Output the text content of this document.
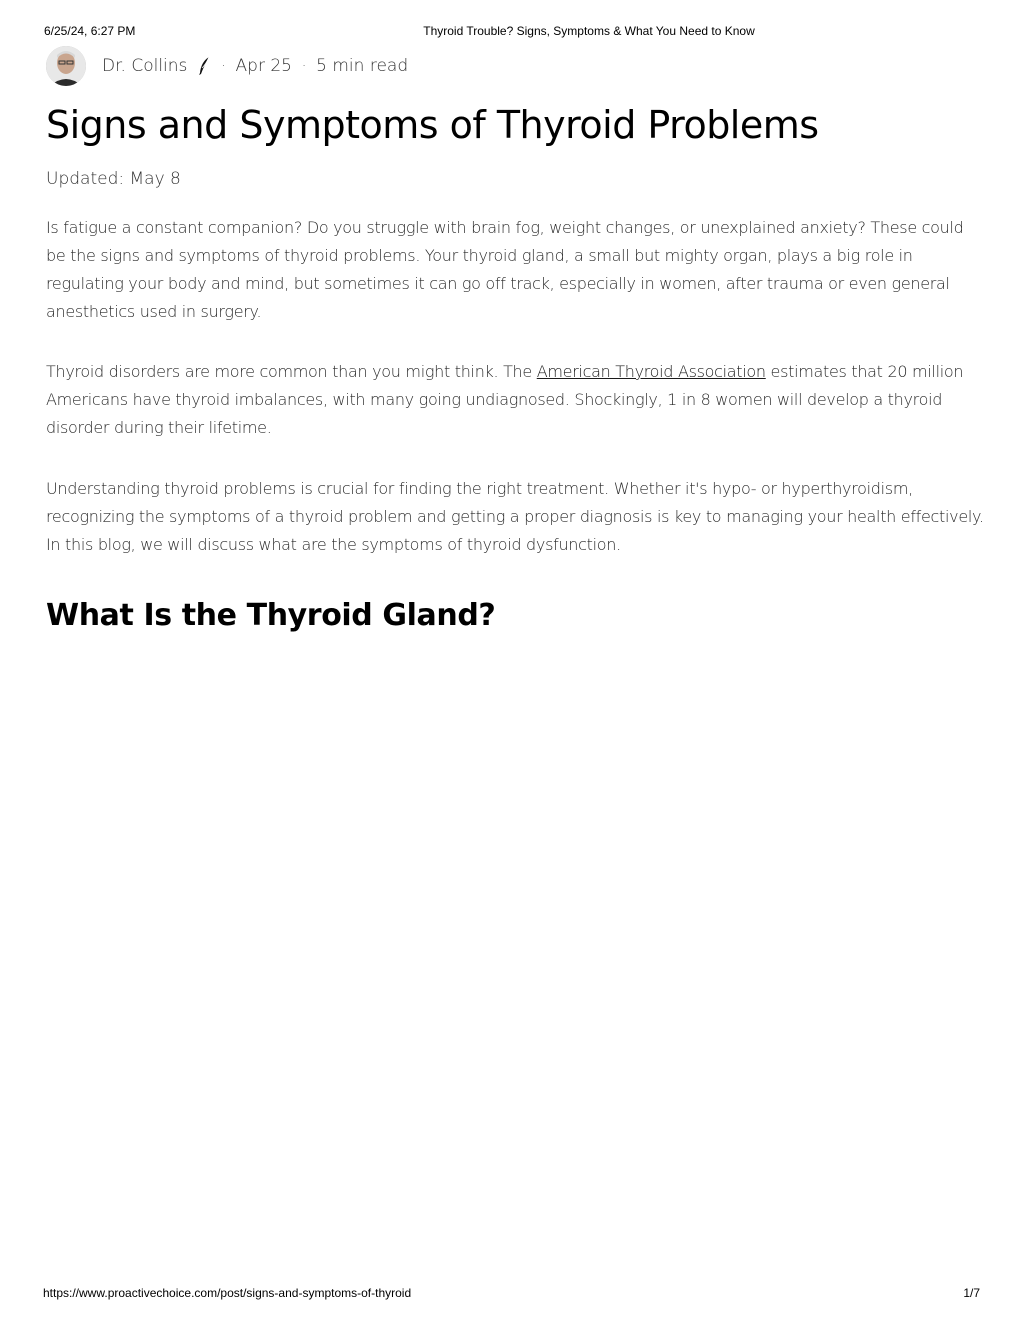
6/25/24, 6:27 PM	Thyroid Trouble? Signs, Symptoms & What You Need to Know
Dr. Collins	· Apr 25 · 5 min read
Signs and Symptoms of Thyroid Problems
Updated: May 8

Is fatigue a constant companion? Do you struggle with brain fog, weight changes, or unexplained anxiety? These could be the signs and symptoms of thyroid problems. Your thyroid gland, a small but mighty organ, plays a big role in regulating your body and mind, but sometimes it can go off track, especially in women, after trauma or even general anesthetics used in surgery.

Thyroid disorders are more common than you might think. The American Thyroid Association estimates that 20 million Americans have thyroid imbalances, with many going undiagnosed. Shockingly, 1 in 8 women will develop a thyroid disorder during their lifetime.

Understanding thyroid problems is crucial for finding the right treatment. Whether it's hypo- or hyperthyroidism, recognizing the symptoms of a thyroid problem and getting a proper diagnosis is key to managing your health effectively. In this blog, we will discuss what are the symptoms of thyroid dysfunction.

What Is the Thyroid Gland?
https://www.proactivechoice.com/post/signs-and-symptoms-of-thyroid	1/7
